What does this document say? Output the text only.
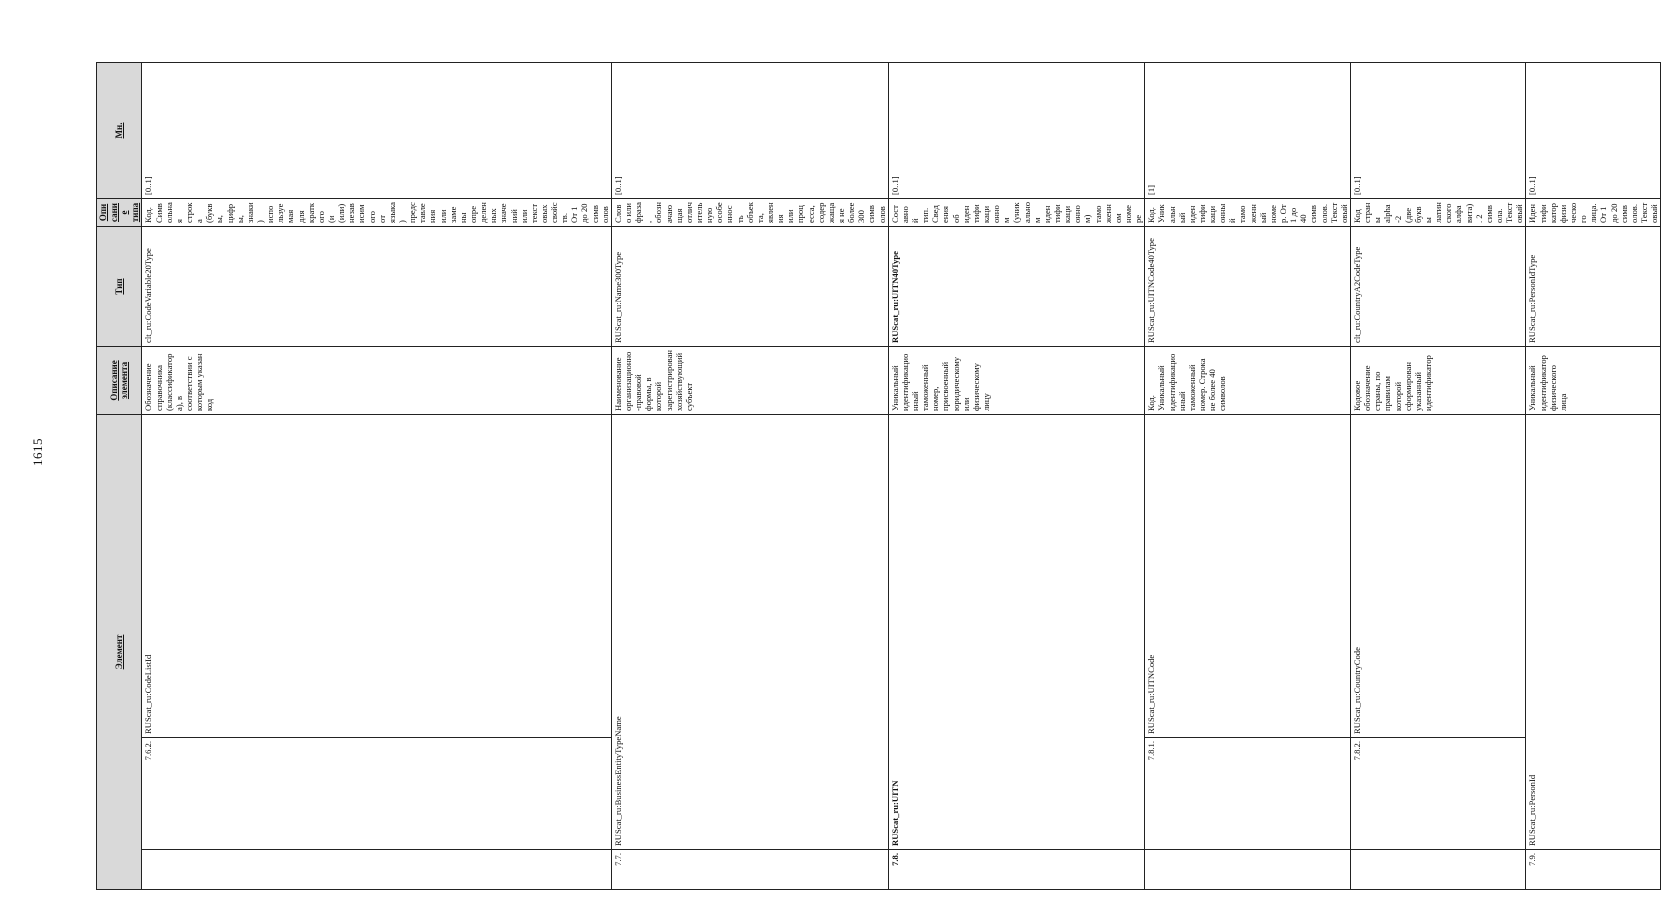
1615
Элемент			Описание элемента	Тип	Описание типа	Мн.
	7.6.2.	RUScat_ru:CodeListId	Обозначение справочника (классификатора), в соответствии с которым указан код	clt_ru:CodeVariable20Type	Код. Символьная строка (буквы, цифры, знаки) используемая для краткого (и (или) независимого от языка) представления или замены определенных значений или текстовых свойств. От 1 до 20 символов	[0..1]
7.7.	RUScat_ru:BusinessEntityTypeName		Наименование организационно-правовой формы, в которой зарегистрирован хозяйствующий субъект	RUScat_ru:Name300Type	Слово или фраза, обозначающая отличительную особенность объекта, явления или процесса, содержащая не более 300 символов	[0..1]
7.8.	RUScat_ru:UITN		Уникальный идентификационный таможенный номер, присвоенный юридическому или физическому лицу	RUScat_ru:UITN40Type	Составной тип. Сведения об идентификационном (уникальном идентификационном) таможенном номере	[0..1]
	7.8.1.	RUScat_ru:UITNCode	Код. Уникальный идентификационный таможенный номер. Строка не более 40 символов	RUScat_ru:UITNCode40Type	Код. Уникальный идентификационный таможенный номер. От 1 до 40 символов. Текстовый	[1]
	7.8.2.	RUScat_ru:CountryCode	Кодовое обозначение страны, по правилам которой сформирован указанный идентификатор	clt_ru:CountryA2CodeType	Код страны alpha-2 (две буквы латинского алфавита). 2 символа. Текстовый	[0..1]
7.9.	RUScat_ru:PersonId		Уникальный идентификатор физического лица	RUScat_ru:PersonIdType	Идентификатор физического лица. От 1 до 20 символов. Текстовый	[0..1]
